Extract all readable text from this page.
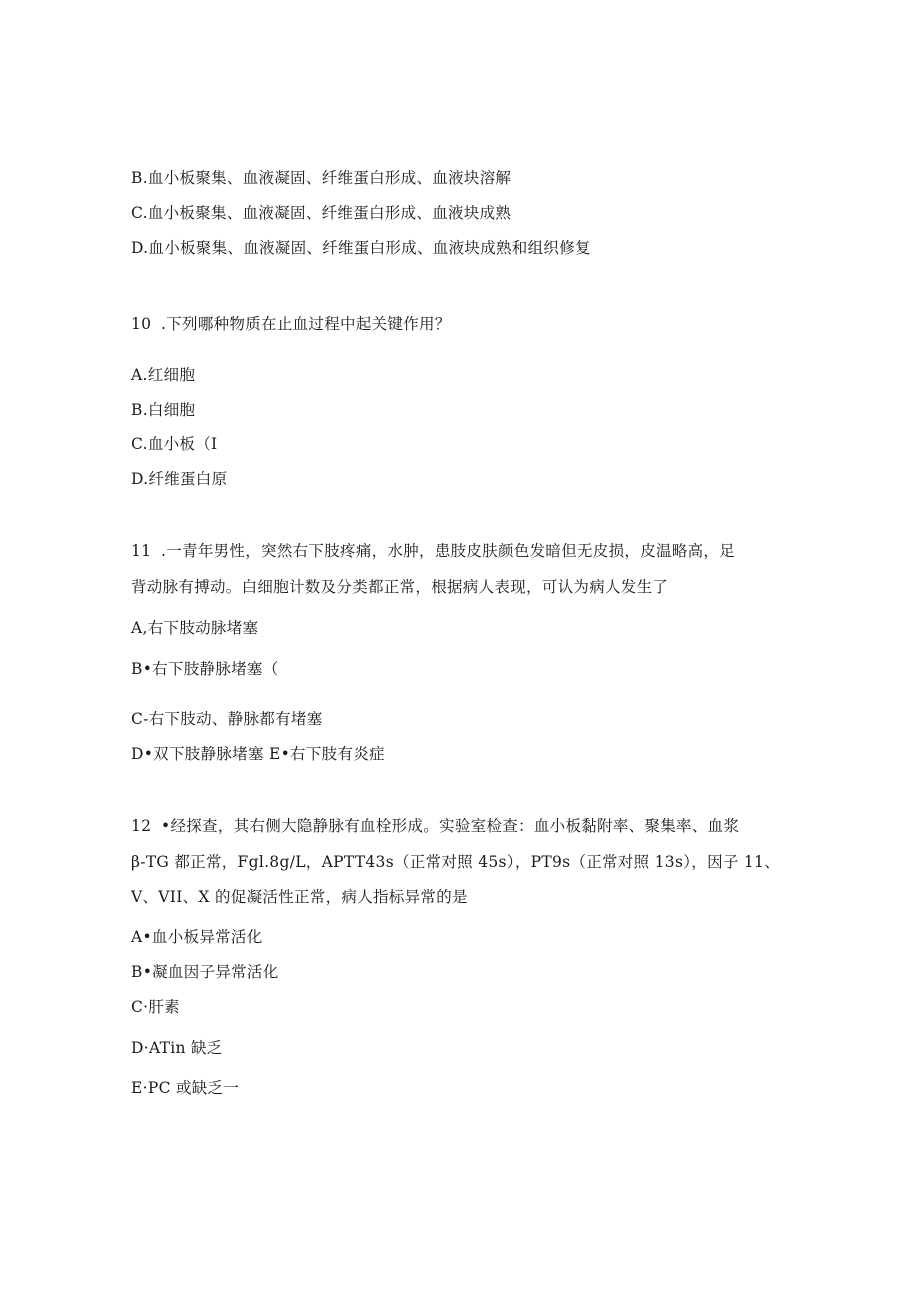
B.血小板聚集、血液凝固、纤维蛋白形成、血液块溶解
C.血小板聚集、血液凝固、纤维蛋白形成、血液块成熟
D.血小板聚集、血液凝固、纤维蛋白形成、血液块成熟和组织修复
10 .下列哪种物质在止血过程中起关键作用？
A.红细胞
B.白细胞
C.血小板（I
D.纤维蛋白原
11 .一青年男性，突然右下肢疼痛，水肿，患肢皮肤颜色发暗但无皮损，皮温略高，足
背动脉有搏动。白细胞计数及分类都正常，根据病人表现，可认为病人发生了
A,右下肢动脉堵塞
B•右下肢静脉堵塞（
C-右下肢动、静脉都有堵塞
D•双下肢静脉堵塞 E•右下肢有炎症
12 •经探查，其右侧大隐静脉有血栓形成。实验室检查：血小板黏附率、聚集率、血浆
β-TG 都正常，Fgl.8g/L，APTT43s（正常对照 45s），PT9s（正常对照 13s），因子 11、
V、VII、X 的促凝活性正常，病人指标异常的是
A•血小板异常活化
B•凝血因子异常活化
C·肝素
D·ATin 缺乏
E·PC 或缺乏一
